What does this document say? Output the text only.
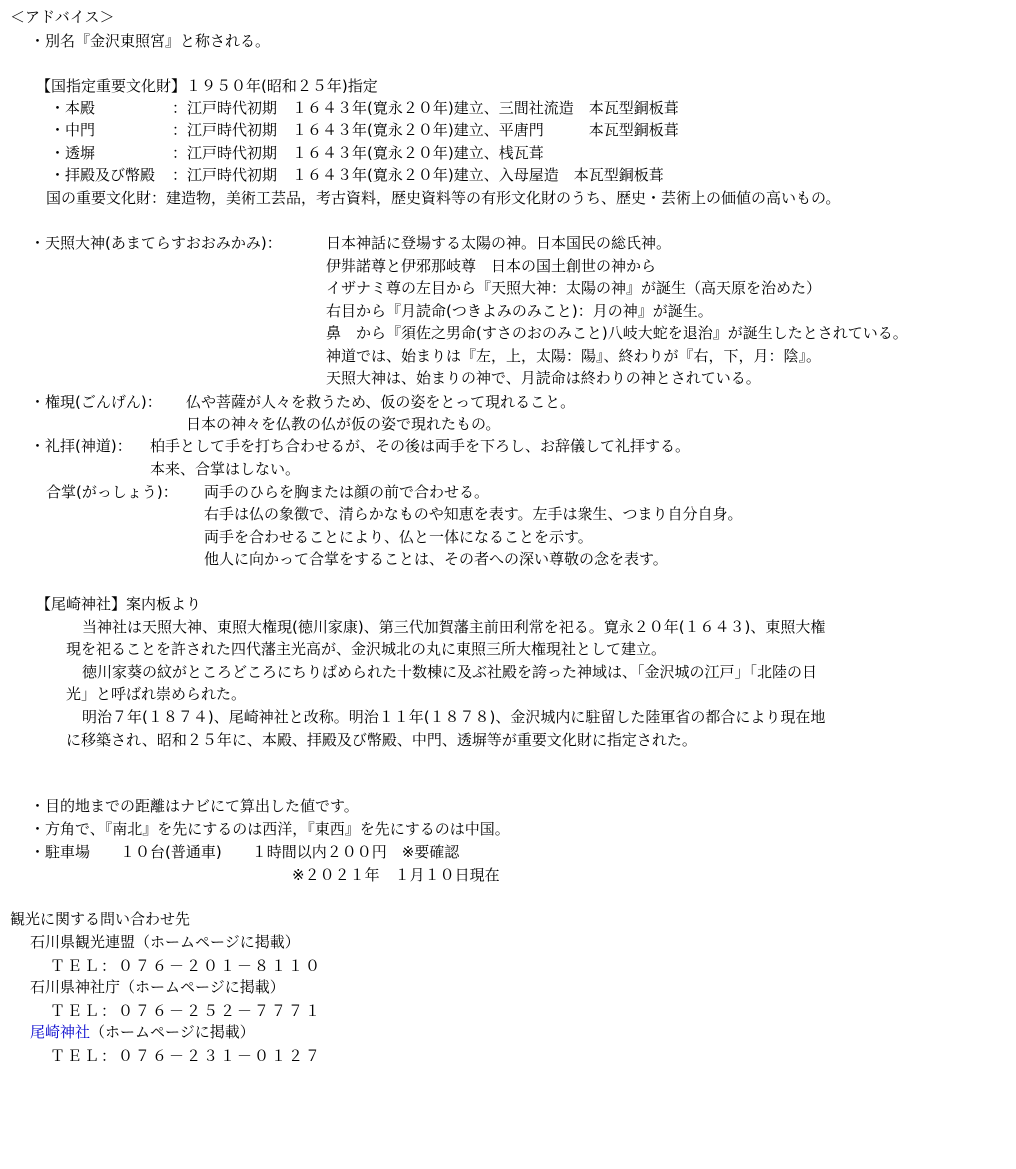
＜アドバイス＞
・別名『金沢東照宮』と称される。
【国指定重要文化財】１９５０年(昭和２５年)指定
・本殿	：江戸時代初期　１６４３年(寛永２０年)建立、三間社流造　本瓦型銅板葺
・中門	：江戸時代初期　１６４３年(寛永２０年)建立、平唐門　　　本瓦型銅板葺
・透塀	：江戸時代初期　１６４３年(寛永２０年)建立、桟瓦葺
・拝殿及び幣殿 ：江戸時代初期　１６４３年(寛永２０年)建立、入母屋造　本瓦型銅板葺
国の重要文化財：建造物，美術工芸品，考古資料，歴史資料等の有形文化財のうち、歴史・芸術上の価値の高いもの。
・天照大神(あまてらすおおみかみ)：	日本神話に登場する太陽の神。日本国民の総氏神。
伊弉諾尊と伊邪那岐尊　日本の国土創世の神から
イザナミ尊の左目から『天照大神：太陽の神』が誕生（高天原を治めた）
右目から『月読命(つきよみのみこと)：月の神』が誕生。
鼻　から『須佐之男命(すさのおのみこと)八岐大蛇を退治』が誕生したとされている。
神道では、始まりは『左，上，太陽：陽』、終わりが『右，下，月：陰』。
天照大神は、始まりの神で、月読命は終わりの神とされている。
・権現(ごんげん)： 仏や菩薩が人々を救うため、仮の姿をとって現れること。
日本の神々を仏教の仏が仮の姿で現れたもの。
・礼拝(神道)： 柏手として手を打ち合わせるが、その後は両手を下ろし、お辞儀して礼拝する。
本来、合掌はしない。
合掌(がっしょう)： 両手のひらを胸または顔の前で合わせる。
右手は仏の象徴で、清らかなものや知恵を表す。左手は衆生、つまり自分自身。
両手を合わせることにより、仏と一体になることを示す。
他人に向かって合掌をすることは、その者への深い尊敬の念を表す。
【尾崎神社】案内板より
当神社は天照大神、東照大権現(徳川家康)、第三代加賀藩主前田利常を祀る。寛永２０年(１６４３)、東照大権
現を祀ることを許された四代藩主光高が、金沢城北の丸に東照三所大権現社として建立。
徳川家葵の紋がところどころにちりばめられた十数棟に及ぶ社殿を誇った神域は、「金沢城の江戸」「北陸の日
光」と呼ばれ崇められた。
明治７年(１８７４)、尾崎神社と改称。明治１１年(１８７８)、金沢城内に駐留した陸軍省の都合により現在地
に移築され、昭和２５年に、本殿、拝殿及び幣殿、中門、透塀等が重要文化財に指定された。
・目的地までの距離はナビにて算出した値です。
・方角で、『南北』を先にするのは西洋，『東西』を先にするのは中国。
・駐車場　　１０台(普通車)　　１時間以内２００円　※要確認
※２０２１年　１月１０日現在
観光に関する問い合わせ先
石川県観光連盟（ホームページに掲載）
ＴＥＬ：０７６－２０１－８１１０
石川県神社庁（ホームページに掲載）
ＴＥＬ：０７６－２５２－７７７１
尾崎神社（ホームページに掲載）
ＴＥＬ：０７６－２３１－０１２７
